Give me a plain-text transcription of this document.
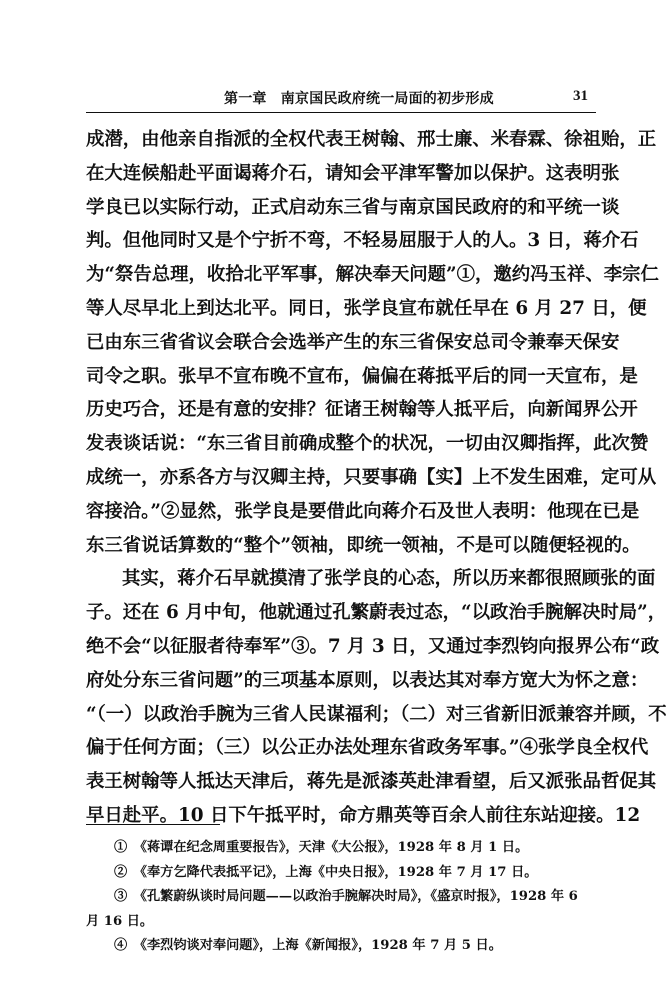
第一章　南京国民政府统一局面的初步形成	31
成潜，由他亲自指派的全权代表王树翰、邢士廉、米春霖、徐祖贻，正
在大连候船赴平面谒蒋介石，请知会平津军警加以保护。这表明张
学良已以实际行动，正式启动东三省与南京国民政府的和平统一谈
判。但他同时又是个宁折不弯，不轻易屈服于人的人。3 日，蒋介石
为“祭告总理，收拾北平军事，解决奉天问题”①，邀约冯玉祥、李宗仁
等人尽早北上到达北平。同日，张学良宣布就任早在 6 月 27 日，便
已由东三省省议会联合会选举产生的东三省保安总司令兼奉天保安
司令之职。张早不宣布晚不宣布，偏偏在蒋抵平后的同一天宣布，是
历史巧合，还是有意的安排？征诸王树翰等人抵平后，向新闻界公开
发表谈话说：“东三省目前确成整个的状况，一切由汉卿指挥，此次赞
成统一，亦系各方与汉卿主持，只要事确【实】上不发生困难，定可从
容接洽。”②显然，张学良是要借此向蒋介石及世人表明：他现在已是
东三省说话算数的“整个”领袖，即统一领袖，不是可以随便轻视的。
其实，蒋介石早就摸清了张学良的心态，所以历来都很照顾张的面
子。还在 6 月中旬，他就通过孔繁蔚表过态，“以政治手腕解决时局”，
绝不会“以征服者待奉军”③。7 月 3 日，又通过李烈钧向报界公布“政
府处分东三省问题”的三项基本原则，以表达其对奉方宽大为怀之意：
“（一）以政治手腕为三省人民谋福利；（二）对三省新旧派兼容并顾，不
偏于任何方面；（三）以公正办法处理东省政务军事。”④张学良全权代
表王树翰等人抵达天津后，蒋先是派漆英赴津看望，后又派张品哲促其
早日赴平。10 日下午抵平时，命方鼎英等百余人前往东站迎接。12
①　《蒋谭在纪念周重要报告》，天津《大公报》，1928 年 8 月 1 日。
②　《奉方乞降代表抵平记》，上海《中央日报》，1928 年 7 月 17 日。
③　《孔繁蔚纵谈时局问题——以政治手腕解决时局》，《盛京时报》，1928 年 6
月 16 日。
④　《李烈钧谈对奉问题》，上海《新闻报》，1928 年 7 月 5 日。
